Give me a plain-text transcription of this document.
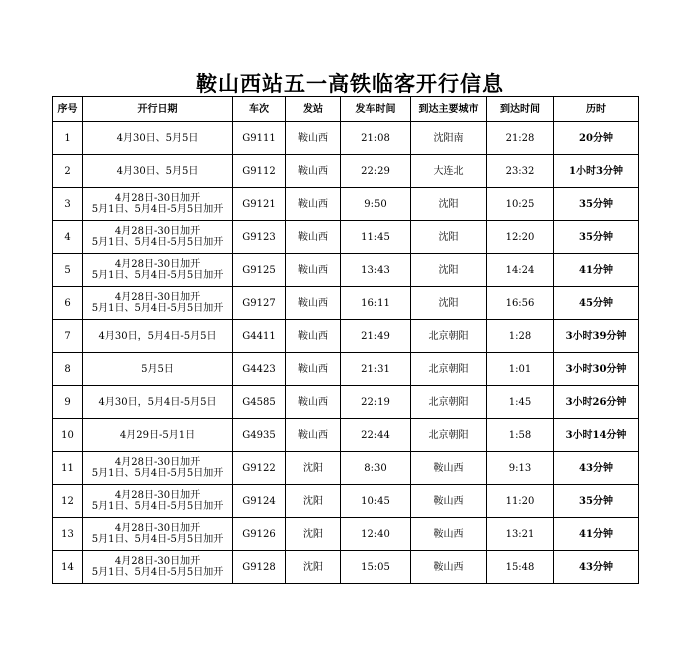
鞍山西站五一高铁临客开行信息
序号	开行日期	车次	发站	发车时间	到达主要城市	到达时间	历时
1	4月30日、5月5日	G9111	鞍山西	21:08	沈阳南	21:28	20分钟
2	4月30日、5月5日	G9112	鞍山西	22:29	大连北	23:32	1小时3分钟
3	4月28日-30日加开
5月1日、5月4日-5月5日加开	G9121	鞍山西	9:50	沈阳	10:25	35分钟
4	4月28日-30日加开
5月1日、5月4日-5月5日加开	G9123	鞍山西	11:45	沈阳	12:20	35分钟
5	4月28日-30日加开
5月1日、5月4日-5月5日加开	G9125	鞍山西	13:43	沈阳	14:24	41分钟
6	4月28日-30日加开
5月1日、5月4日-5月5日加开	G9127	鞍山西	16:11	沈阳	16:56	45分钟
7	4月30日，5月4日-5月5日	G4411	鞍山西	21:49	北京朝阳	1:28	3小时39分钟
8	5月5日	G4423	鞍山西	21:31	北京朝阳	1:01	3小时30分钟
9	4月30日，5月4日-5月5日	G4585	鞍山西	22:19	北京朝阳	1:45	3小时26分钟
10	4月29日-5月1日	G4935	鞍山西	22:44	北京朝阳	1:58	3小时14分钟
11	4月28日-30日加开
5月1日、5月4日-5月5日加开	G9122	沈阳	8:30	鞍山西	9:13	43分钟
12	4月28日-30日加开
5月1日、5月4日-5月5日加开	G9124	沈阳	10:45	鞍山西	11:20	35分钟
13	4月28日-30日加开
5月1日、5月4日-5月5日加开	G9126	沈阳	12:40	鞍山西	13:21	41分钟
14	4月28日-30日加开
5月1日、5月4日-5月5日加开	G9128	沈阳	15:05	鞍山西	15:48	43分钟
